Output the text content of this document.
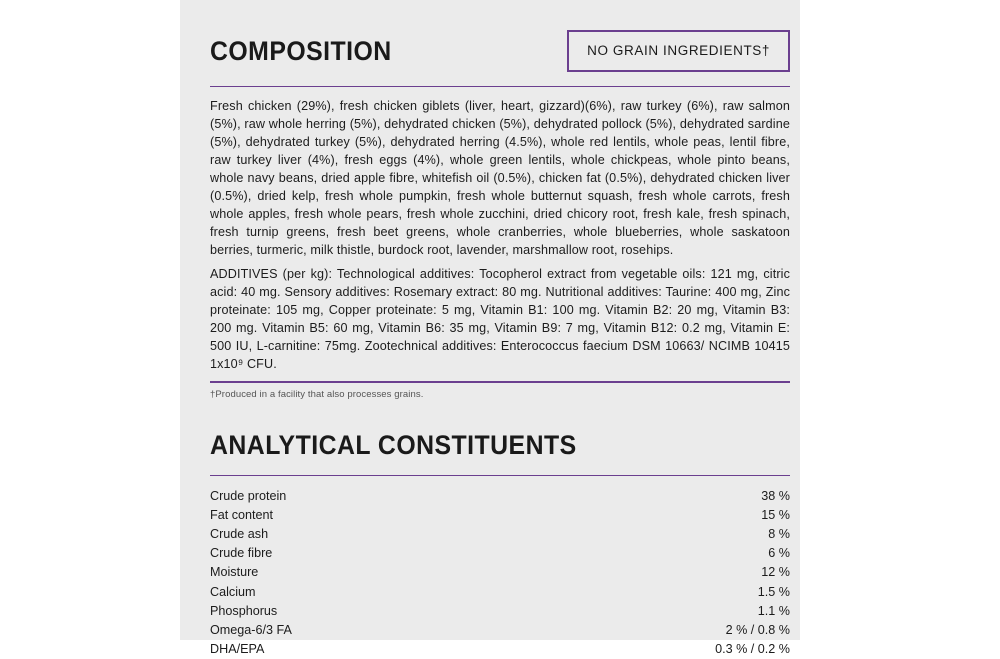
COMPOSITION	NO GRAIN INGREDIENTS†

Fresh chicken (29%), fresh chicken giblets (liver, heart, gizzard)(6%), raw turkey (6%), raw salmon (5%), raw whole herring (5%), dehydrated chicken (5%), dehydrated pollock (5%), dehydrated sardine (5%), dehydrated turkey (5%), dehydrated herring (4.5%), whole red lentils, whole peas, lentil fibre, raw turkey liver (4%), fresh eggs (4%), whole green lentils, whole chickpeas, whole pinto beans, whole navy beans, dried apple fibre, whitefish oil (0.5%), chicken fat (0.5%), dehydrated chicken liver (0.5%), dried kelp, fresh whole pumpkin, fresh whole butternut squash, fresh whole carrots, fresh whole apples, fresh whole pears, fresh whole zucchini, dried chicory root, fresh kale, fresh spinach, fresh turnip greens, fresh beet greens, whole cranberries, whole blueberries, whole saskatoon berries, turmeric, milk thistle, burdock root, lavender, marshmallow root, rosehips.

ADDITIVES (per kg): Technological additives: Tocopherol extract from vegetable oils: 121 mg, citric acid: 40 mg. Sensory additives: Rosemary extract: 80 mg. Nutritional additives: Taurine: 400 mg, Zinc proteinate: 105 mg, Copper proteinate: 5 mg, Vitamin B1: 100 mg. Vitamin B2: 20 mg, Vitamin B3: 200 mg. Vitamin B5: 60 mg, Vitamin B6: 35 mg, Vitamin B9: 7 mg, Vitamin B12: 0.2 mg, Vitamin E: 500 IU, L-carnitine: 75mg. Zootechnical additives: Enterococcus faecium DSM 10663/ NCIMB 10415 1x10⁹ CFU.

†Produced in a facility that also processes grains.

ANALYTICAL CONSTITUENTS
Crude protein	38 %
Fat content	15 %
Crude ash	8 %
Crude fibre	6 %
Moisture	12 %
Calcium	1.5 %
Phosphorus	1.1 %
Omega-6/3 FA	2 % / 0.8 %
DHA/EPA	0.3 % / 0.2 %
